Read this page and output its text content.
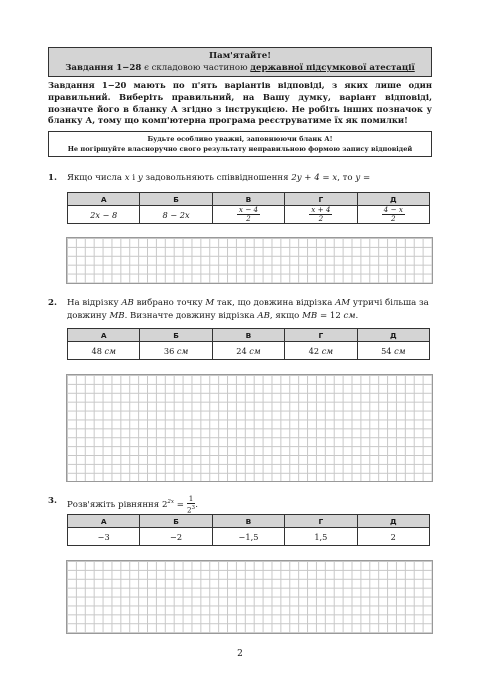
Пам'ятайте!
Завдання 1−28 є складовою частиною державної підсумкової атестації
Завдання 1−20 мають по п'ять варіантів відповіді, з яких лише один правильний. Виберіть правильний, на Вашу думку, варіант відповіді, позначте його в бланку А згідно з інструкцією. Не робіть інших позначок у бланку А, тому що комп'ютерна програма реєструватиме їх як помилки!
Будьте особливо уважні, заповнюючи бланк А!
Не погіршуйте власноручно свого результату неправильною формою запису відповідей
1. Якщо числа x і y задовольняють співвідношення 2y + 4 = x, то y =
А	Б	В	Г	Д
2x − 8	8 − 2x	$\frac{x - 4}{2}$	$\frac{x + 4}{2}$	$\frac{4 - x}{2}$
2. На відрізку AB вибрано точку M так, що довжина відрізка AM утричі більша за довжину MB. Визначте довжину відрізка AB, якщо MB = 12 см.
А	Б	В	Г	Д
48 см	36 см	24 см	42 см	54 см
3. Розв'яжіть рівняння $2^{2x} = \frac{1}{2^3}$ .
А	Б	В	Г	Д
−3	−2	−1,5	1,5	2
2
